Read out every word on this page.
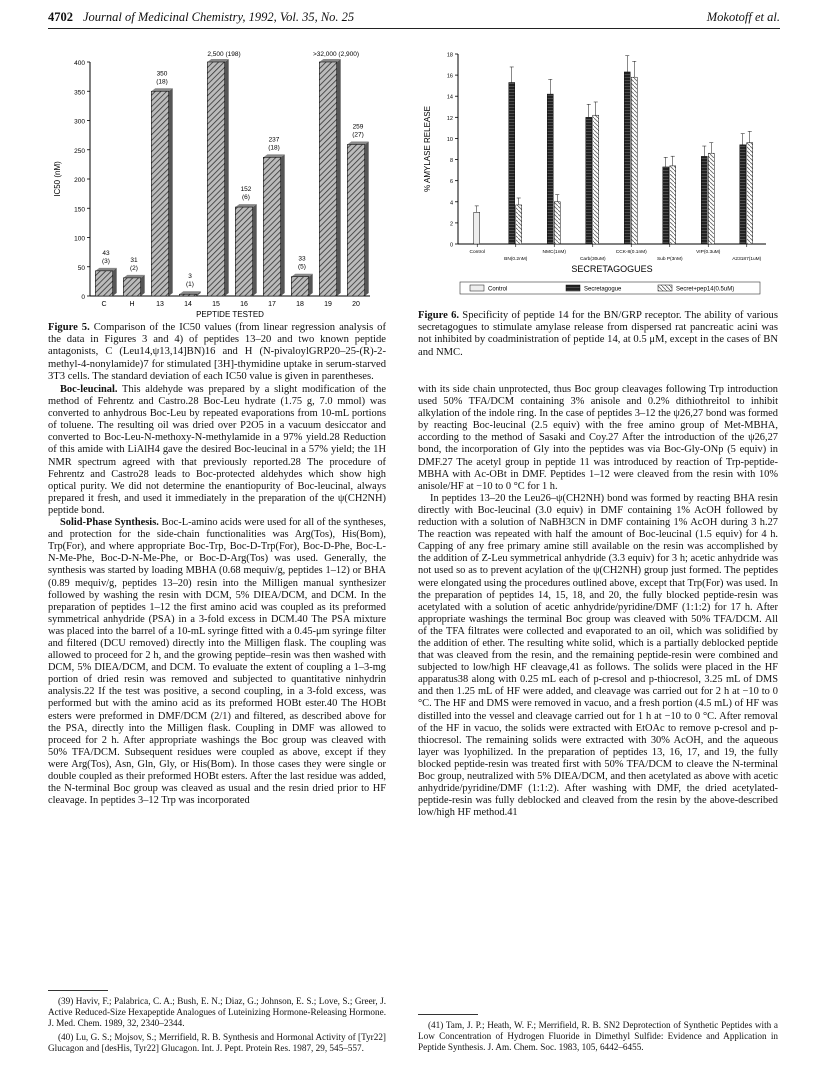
4702 Journal of Medicinal Chemistry, 1992, Vol. 35, No. 25	Mokotoff et al.
0
50
100
150
200
250
300
350
400
43
(3)
C
31
(2)
H
350
(18)
13
3
(1)
14
2,500 (198)
15
152
(6)
16
237
(18)
17
33
(5)
18
>32,000 (2,900)
19
259
(27)
20
PEPTIDE TESTED
IC50 (nM)
Figure 5. Comparison of the IC50 values (from linear regression analysis of the data in Figures 3 and 4) of peptides 13–20 and two known peptide antagonists, C (Leu14,ψ13,14]BN)16 and H (N-pivaloylGRP20–25-(R)-2-methyl-4-nonylamide)7 for stimulated [3H]-thymidine uptake in serum-starved 3T3 cells. The standard deviation of each IC50 value is given in parentheses.
0
2
4
6
8
10
12
14
16
18
Control	NMC(1nM)	CCK-8(0.1nM)	VIP(0.3uM)
BN(0.2nM)	Carb(30uM)	Sub P(3nM)	A23187(1uM)
SECRETAGOGUES
% AMYLASE RELEASE
Control	Secretagogue	Secret+pep14(0.5uM)
Figure 6. Specificity of peptide 14 for the BN/GRP receptor. The ability of various secretagogues to stimulate amylase release from dispersed rat pancreatic acini was not inhibited by coadministration of peptide 14, at 0.5 μM, except in the cases of BN and NMC.

Boc-leucinal. This aldehyde was prepared by a slight modification of the method of Fehrentz and Castro.28 Boc-Leu hydrate (1.75 g, 7.0 mmol) was converted to anhydrous Boc-Leu by repeated evaporations from 10-mL portions of toluene. The resulting oil was dried over P2O5 in a vacuum desiccator and converted to Boc-Leu-N-methoxy-N-methylamide in a 97% yield.28 Reduction of this amide with LiAlH4 gave the desired Boc-leucinal in a 57% yield; the 1H NMR spectrum agreed with that previously reported.28 The procedure of Fehrentz and Castro28 leads to Boc-protected aldehydes which show high optical purity. We did not determine the enantiopurity of Boc-leucinal, always prepared it fresh, and used it immediately in the preparation of the ψ(CH2NH) peptide bond.

Solid-Phase Synthesis. Boc-L-amino acids were used for all of the syntheses, and protection for the side-chain functionalities was Arg(Tos), His(Bom), Trp(For), and where appropriate Boc-Trp, Boc-D-Trp(For), Boc-D-Phe, Boc-L-N-Me-Phe, Boc-D-N-Me-Phe, or Boc-D-Arg(Tos) was used. Generally, the synthesis was started by loading MBHA (0.68 mequiv/g, peptides 1–12) or BHA (0.89 mequiv/g, peptides 13–20) resin into the Milligen manual synthesizer followed by washing the resin with DCM, 5% DIEA/DCM, and DCM. In the preparation of peptides 1–12 the first amino acid was coupled as its preformed symmetrical anhydride (PSA) in a 3-fold excess in DCM.40 The PSA mixture was placed into the barrel of a 10-mL syringe fitted with a 0.45-μm syringe filter and filtered (DCU removed) directly into the Milligen flask. The coupling was allowed to proceed for 2 h, and the growing peptide–resin was then washed with DCM, 5% DIEA/DCM, and DCM. To evaluate the extent of coupling a 1–3-mg portion of dried resin was removed and subjected to quantitative ninhydrin analysis.22 If the test was positive, a second coupling, in a 3-fold excess, was performed but with the amino acid as its preformed HOBt ester.40 The HOBt esters were preformed in DMF/DCM (2/1) and filtered, as described above for the PSA, directly into the Milligen flask. Coupling in DMF was allowed to proceed for 2 h. After appropriate washings the Boc group was cleaved with 50% TFA/DCM. Subsequent residues were coupled as above, except if they were Arg(Tos), Asn, Gln, Gly, or His(Bom). In those cases they were single or double coupled as their preformed HOBt esters. After the last residue was added, the N-terminal Boc group was cleaved as usual and the resin dried prior to HF cleavage. In peptides 3–12 Trp was incorporated

with its side chain unprotected, thus Boc group cleavages following Trp introduction used 50% TFA/DCM containing 3% anisole and 0.2% dithiothreitol to inhibit alkylation of the indole ring. In the case of peptides 3–12 the ψ26,27 bond was formed by reacting Boc-leucinal (2.5 equiv) with the free amino group of Met-MBHA, according to the method of Sasaki and Coy.27 After the introduction of the ψ26,27 bond, the incorporation of Gly into the peptides was via Boc-Gly-ONp (5 equiv) in DMF.27 The acetyl group in peptide 11 was introduced by reaction of Trp-peptide-MBHA with Ac-OBt in DMF. Peptides 1–12 were cleaved from the resin with 10% anisole/HF at −10 to 0 °C for 1 h.

In peptides 13–20 the Leu26–ψ(CH2NH) bond was formed by reacting BHA resin directly with Boc-leucinal (3.0 equiv) in DMF containing 1% AcOH followed by reduction with a solution of NaBH3CN in DMF containing 1% AcOH during 3 h.27 The reaction was repeated with half the amount of Boc-leucinal (1.5 equiv) for 4 h. Capping of any free primary amine still available on the resin was accomplished by the addition of Z-Leu symmetrical anhydride (3.3 equiv) for 3 h; acetic anhydride was not used so as to prevent acylation of the ψ(CH2NH) group just formed. The peptides were elongated using the procedures outlined above, except that Trp(For) was used. In the preparation of peptides 14, 15, 18, and 20, the fully blocked peptide-resin was acetylated with a solution of acetic anhydride/pyridine/DMF (1:1:2) for 17 h. After appropriate washings the terminal Boc group was cleaved with 50% TFA/DCM. All of the TFA filtrates were collected and evaporated to an oil, which was solidified by the addition of ether. The resulting white solid, which is a partially deblocked peptide that was cleaved from the resin, and the remaining peptide-resin were combined and subjected to low/high HF cleavage,41 as follows. The solids were placed in the HF apparatus38 along with 0.25 mL each of p-cresol and p-thiocresol, 3.25 mL of DMS and then 1.25 mL of HF were added, and cleavage was carried out for 2 h at −10 to 0 °C. The HF and DMS were removed in vacuo, and a fresh portion (4.5 mL) of HF was distilled into the vessel and cleavage carried out for 1 h at −10 to 0 °C. After removal of the HF in vacuo, the solids were extracted with EtOAc to remove p-cresol and p-thiocresol. The remaining solids were extracted with 30% AcOH, and the aqueous layer was lyophilized. In the preparation of peptides 13, 16, 17, and 19, the fully blocked peptide-resin was treated first with 50% TFA/DCM to cleave the N-terminal Boc group, neutralized with 5% DIEA/DCM, and then acetylated as above with acetic anhydride/pyridine/DMF (1:1:2). After washing with DMF, the dried acetylated-peptide-resin was fully deblocked and cleaved from the resin by the above-described low/high HF method.41

(39) Haviv, F.; Palabrica, C. A.; Bush, E. N.; Diaz, G.; Johnson, E. S.; Love, S.; Greer, J. Active Reduced-Size Hexapeptide Analogues of Luteinizing Hormone-Releasing Hormone. J. Med. Chem. 1989, 32, 2340–2344.

(40) Lu, G. S.; Mojsov, S.; Merrifield, R. B. Synthesis and Hormonal Activity of [Tyr22] Glucagon and [desHis, Tyr22] Glucagon. Int. J. Pept. Protein Res. 1987, 29, 545–557.

(41) Tam, J. P.; Heath, W. F.; Merrifield, R. B. SN2 Deprotection of Synthetic Peptides with a Low Concentration of Hydrogen Fluoride in Dimethyl Sulfide: Evidence and Application in Peptide Synthesis. J. Am. Chem. Soc. 1983, 105, 6442–6455.
